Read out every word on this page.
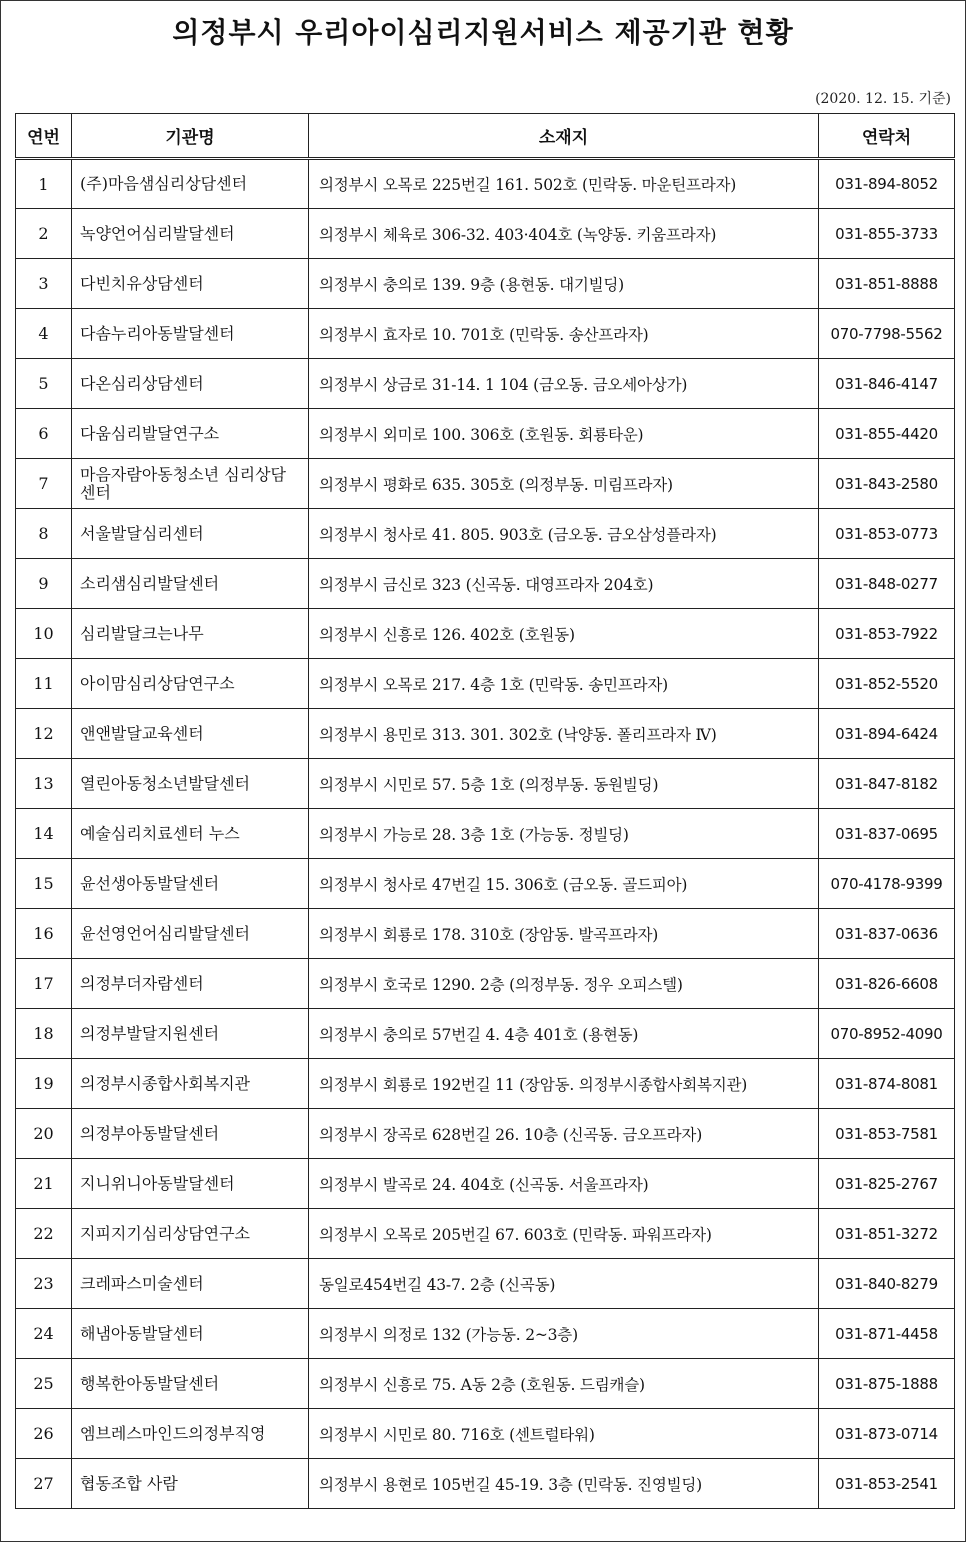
의정부시 우리아이심리지원서비스 제공기관 현황
(2020. 12. 15. 기준)
연번	기관명	소재지	연락처
1	(주)마음샘심리상담센터	의정부시 오목로 225번길 161. 502호 (민락동. 마운틴프라자)	031-894-8052
2	녹양언어심리발달센터	의정부시 체육로 306-32. 403·404호 (녹양동. 키움프라자)	031-855-3733
3	다빈치유상담센터	의정부시 충의로 139. 9층 (용현동. 대기빌딩)	031-851-8888
4	다솜누리아동발달센터	의정부시 효자로 10. 701호 (민락동. 송산프라자)	070-7798-5562
5	다온심리상담센터	의정부시 상금로 31-14. 1 104 (금오동. 금오세아상가)	031-846-4147
6	다움심리발달연구소	의정부시 외미로 100. 306호 (호원동. 회룡타운)	031-855-4420
7	마음자람아동청소년 심리상담센터	의정부시 평화로 635. 305호 (의정부동. 미림프라자)	031-843-2580
8	서울발달심리센터	의정부시 청사로 41. 805. 903호 (금오동. 금오삼성플라자)	031-853-0773
9	소리샘심리발달센터	의정부시 금신로 323 (신곡동. 대영프라자 204호)	031-848-0277
10	심리발달크는나무	의정부시 신흥로 126. 402호 (호원동)	031-853-7922
11	아이맘심리상담연구소	의정부시 오목로 217. 4층 1호 (민락동. 송민프라자)	031-852-5520
12	앤앤발달교육센터	의정부시 용민로 313. 301. 302호 (낙양동. 폴리프라자 Ⅳ)	031-894-6424
13	열린아동청소년발달센터	의정부시 시민로 57. 5층 1호 (의정부동. 동원빌딩)	031-847-8182
14	예술심리치료센터 누스	의정부시 가능로 28. 3층 1호 (가능동. 정빌딩)	031-837-0695
15	윤선생아동발달센터	의정부시 청사로 47번길 15. 306호 (금오동. 골드피아)	070-4178-9399
16	윤선영언어심리발달센터	의정부시 회룡로 178. 310호 (장암동. 발곡프라자)	031-837-0636
17	의정부더자람센터	의정부시 호국로 1290. 2층 (의정부동. 정우 오피스텔)	031-826-6608
18	의정부발달지원센터	의정부시 충의로 57번길 4. 4층 401호 (용현동)	070-8952-4090
19	의정부시종합사회복지관	의정부시 회룡로 192번길 11 (장암동. 의정부시종합사회복지관)	031-874-8081
20	의정부아동발달센터	의정부시 장곡로 628번길 26. 10층 (신곡동. 금오프라자)	031-853-7581
21	지니위니아동발달센터	의정부시 발곡로 24. 404호 (신곡동. 서울프라자)	031-825-2767
22	지피지기심리상담연구소	의정부시 오목로 205번길 67. 603호 (민락동. 파워프라자)	031-851-3272
23	크레파스미술센터	동일로454번길 43-7. 2층 (신곡동)	031-840-8279
24	해냄아동발달센터	의정부시 의정로 132 (가능동. 2~3층)	031-871-4458
25	행복한아동발달센터	의정부시 신흥로 75. A동 2층 (호원동. 드림캐슬)	031-875-1888
26	엠브레스마인드의정부직영	의정부시 시민로 80. 716호 (센트럴타워)	031-873-0714
27	협동조합 사람	의정부시 용현로 105번길 45-19. 3층 (민락동. 진영빌딩)	031-853-2541
